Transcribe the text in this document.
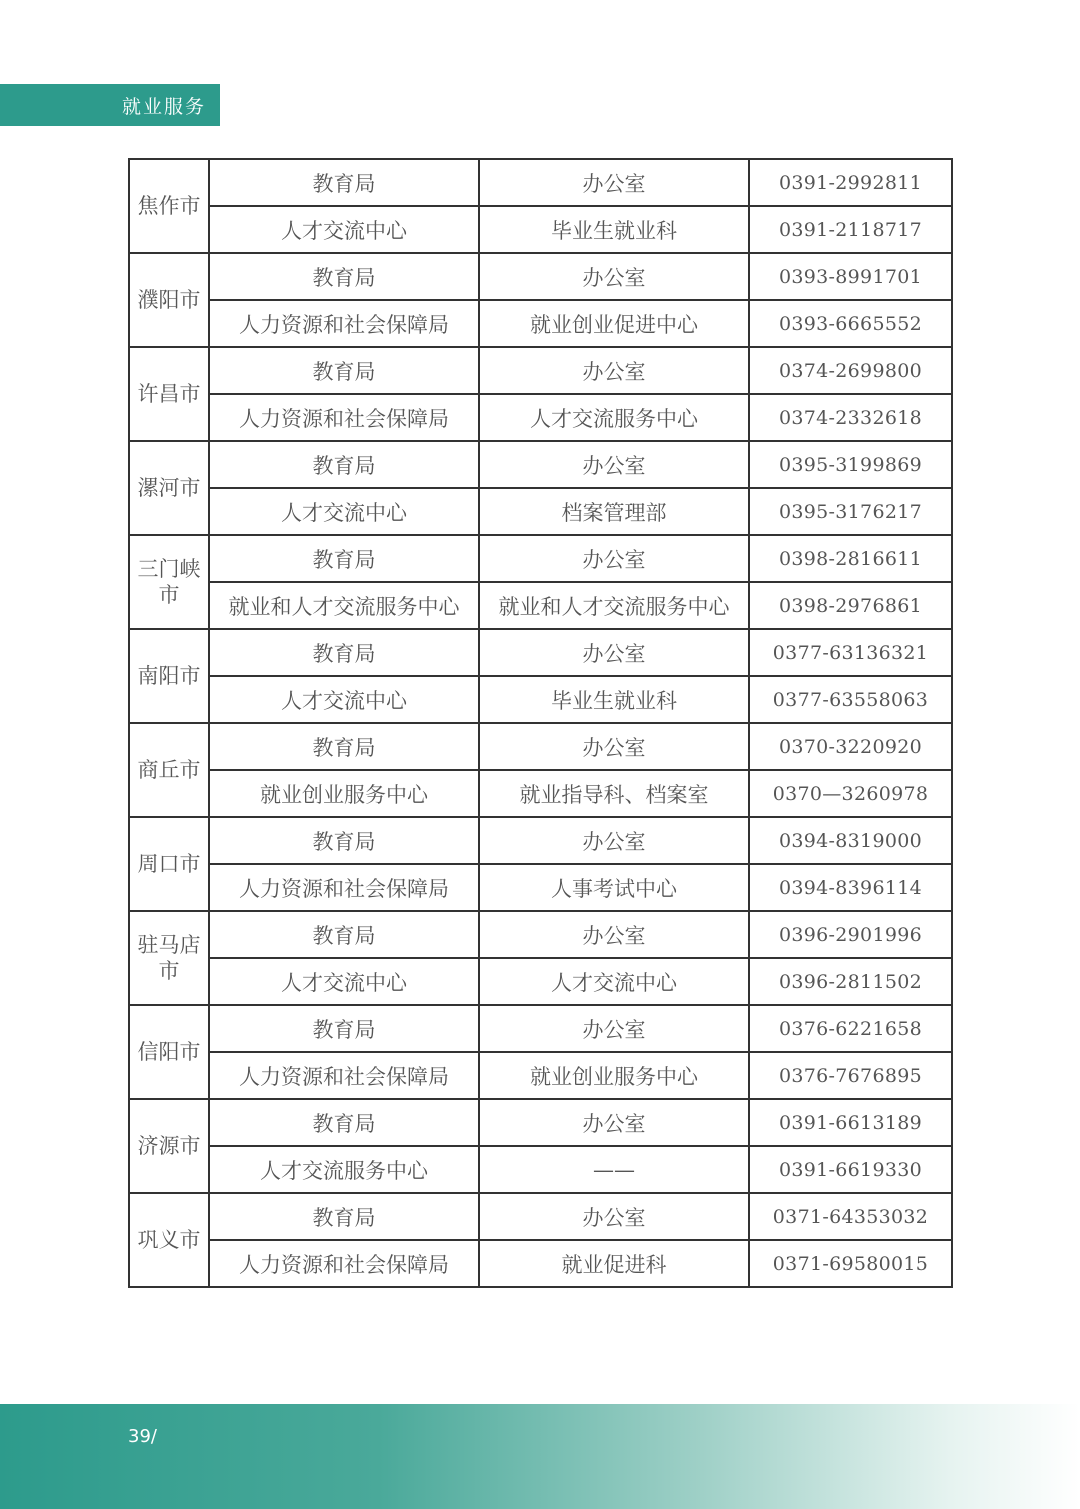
就业服务
焦作市	教育局	办公室	0391-2992811
	人才交流中心	毕业生就业科	0391-2118717
濮阳市	教育局	办公室	0393-8991701
	人力资源和社会保障局	就业创业促进中心	0393-6665552
许昌市	教育局	办公室	0374-2699800
	人力资源和社会保障局	人才交流服务中心	0374-2332618
漯河市	教育局	办公室	0395-3199869
	人才交流中心	档案管理部	0395-3176217
三门峡市	教育局	办公室	0398-2816611
	就业和人才交流服务中心	就业和人才交流服务中心	0398-2976861
南阳市	教育局	办公室	0377-63136321
	人才交流中心	毕业生就业科	0377-63558063
商丘市	教育局	办公室	0370-3220920
	就业创业服务中心	就业指导科、档案室	0370—3260978
周口市	教育局	办公室	0394-8319000
	人力资源和社会保障局	人事考试中心	0394-8396114
驻马店市	教育局	办公室	0396-2901996
	人才交流中心	人才交流中心	0396-2811502
信阳市	教育局	办公室	0376-6221658
	人力资源和社会保障局	就业创业服务中心	0376-7676895
济源市	教育局	办公室	0391-6613189
	人才交流服务中心	——	0391-6619330
巩义市	教育局	办公室	0371-64353032
	人力资源和社会保障局	就业促进科	0371-69580015
39/
